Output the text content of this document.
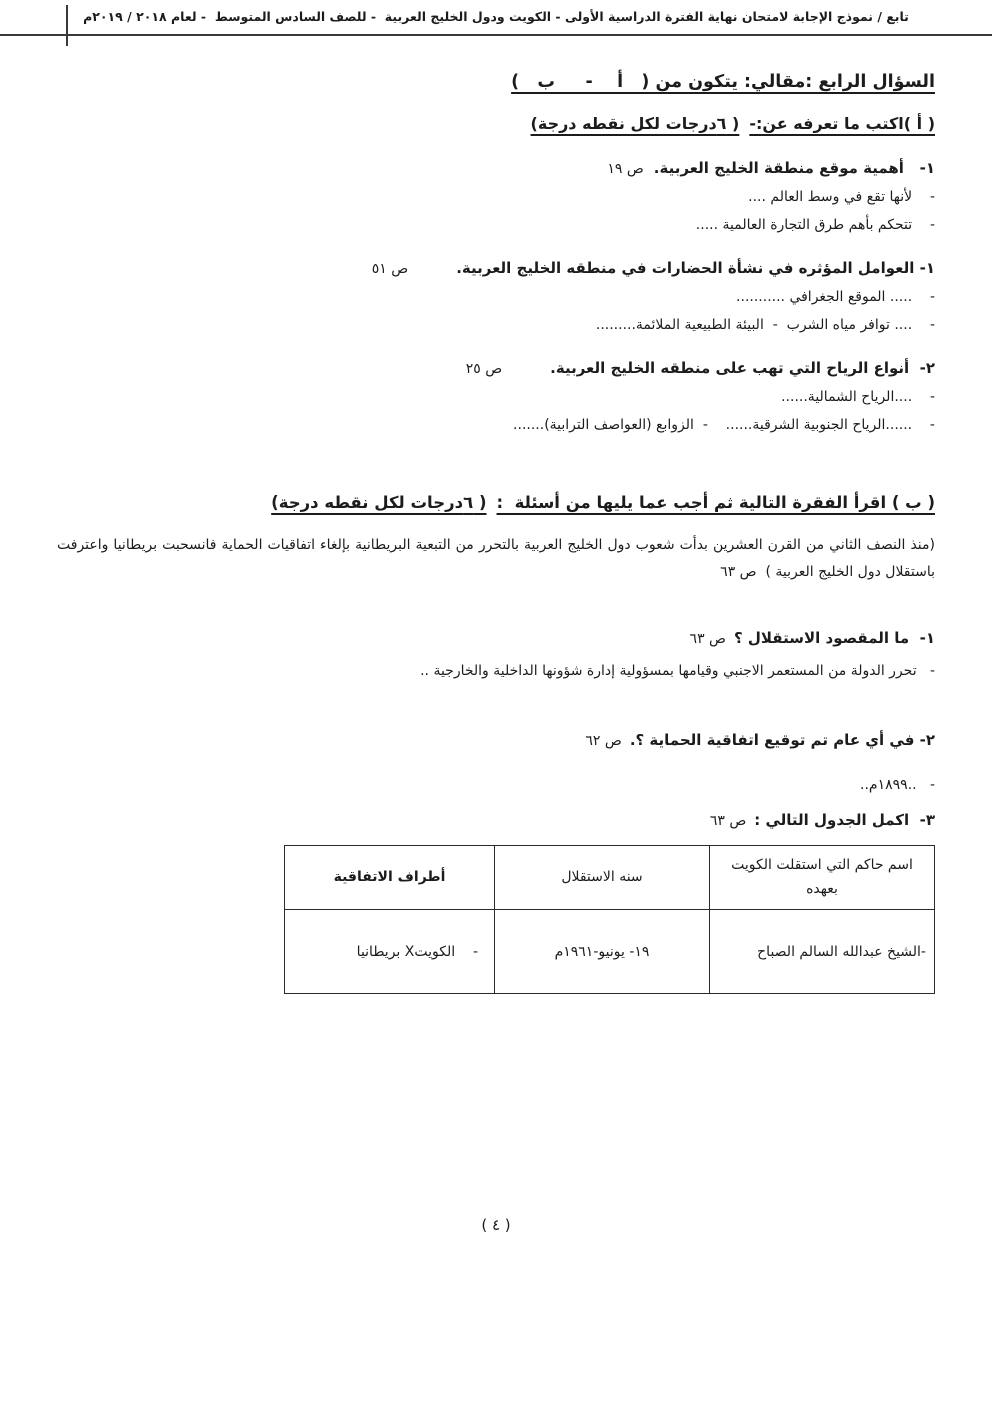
تابع / نموذج الإجابة لامتحان نهاية الفترة الدراسية الأولى - الكويت ودول الخليج العربية  - للصف السادس المتوسط  - لعام ٢٠١٨ / ٢٠١٩م
السؤال الرابع :مقالي: يتكون من (   أ    -     ب   )
( أ )اكتب ما تعرفه عن:-( ٦درجات لكل نقطه درجة)
١-   أهمية موقع منطقة الخليج العربية.ص ١٩
-    لأنها تقع في وسط العالم ....
-    تتحكم بأهم طرق التجارة العالمية .....
١- العوامل المؤثره في نشأة الحضارات في منطقه الخليج العربية.ص ٥١
-    ..... الموقع الجغرافي ...........
-    .... توافر مياه الشرب  -  البيئة الطبيعية الملائمة.........
٢-  أنواع الرياح التي تهب على منطقه الخليج العربية.ص ٢٥
-    ....الرياح الشمالية......
-    ......الرياح الجنوبية الشرقية......    -  الزوابع (العواصف الترابية).......
( ب ) اقرأ الفقرة التالية ثم أجب عما يليها من أسئلة  :( ٦درجات لكل نقطه درجة)

(منذ النصف الثاني من القرن العشرين بدأت شعوب دول الخليج العربية بالتحرر من التبعية البريطانية بإلغاء اتفاقيات الحماية فانسحبت بريطانيا واعترفت باستقلال دول الخليج العربية )  ص ٦٣

١-  ما المقصود الاستقلال ؟ص ٦٣
-   تحرر الدولة من المستعمر الاجنبي وقيامها بمسؤولية إدارة شؤونها الداخلية والخارجية ..
٢- في أي عام تم توقيع اتفاقية الحماية ؟.ص ٦٢
-   ..١٨٩٩م..
٣-  اكمل الجدول التالي :ص ٦٣
اسم حاكم التي استقلت الكويت بعهده	سنه الاستقلال	أطراف الاتفاقية
-الشيخ عبدالله السالم الصباح	١٩- يونيو-١٩٦١م	-    الكويتX بريطانيا
( ٤ )
